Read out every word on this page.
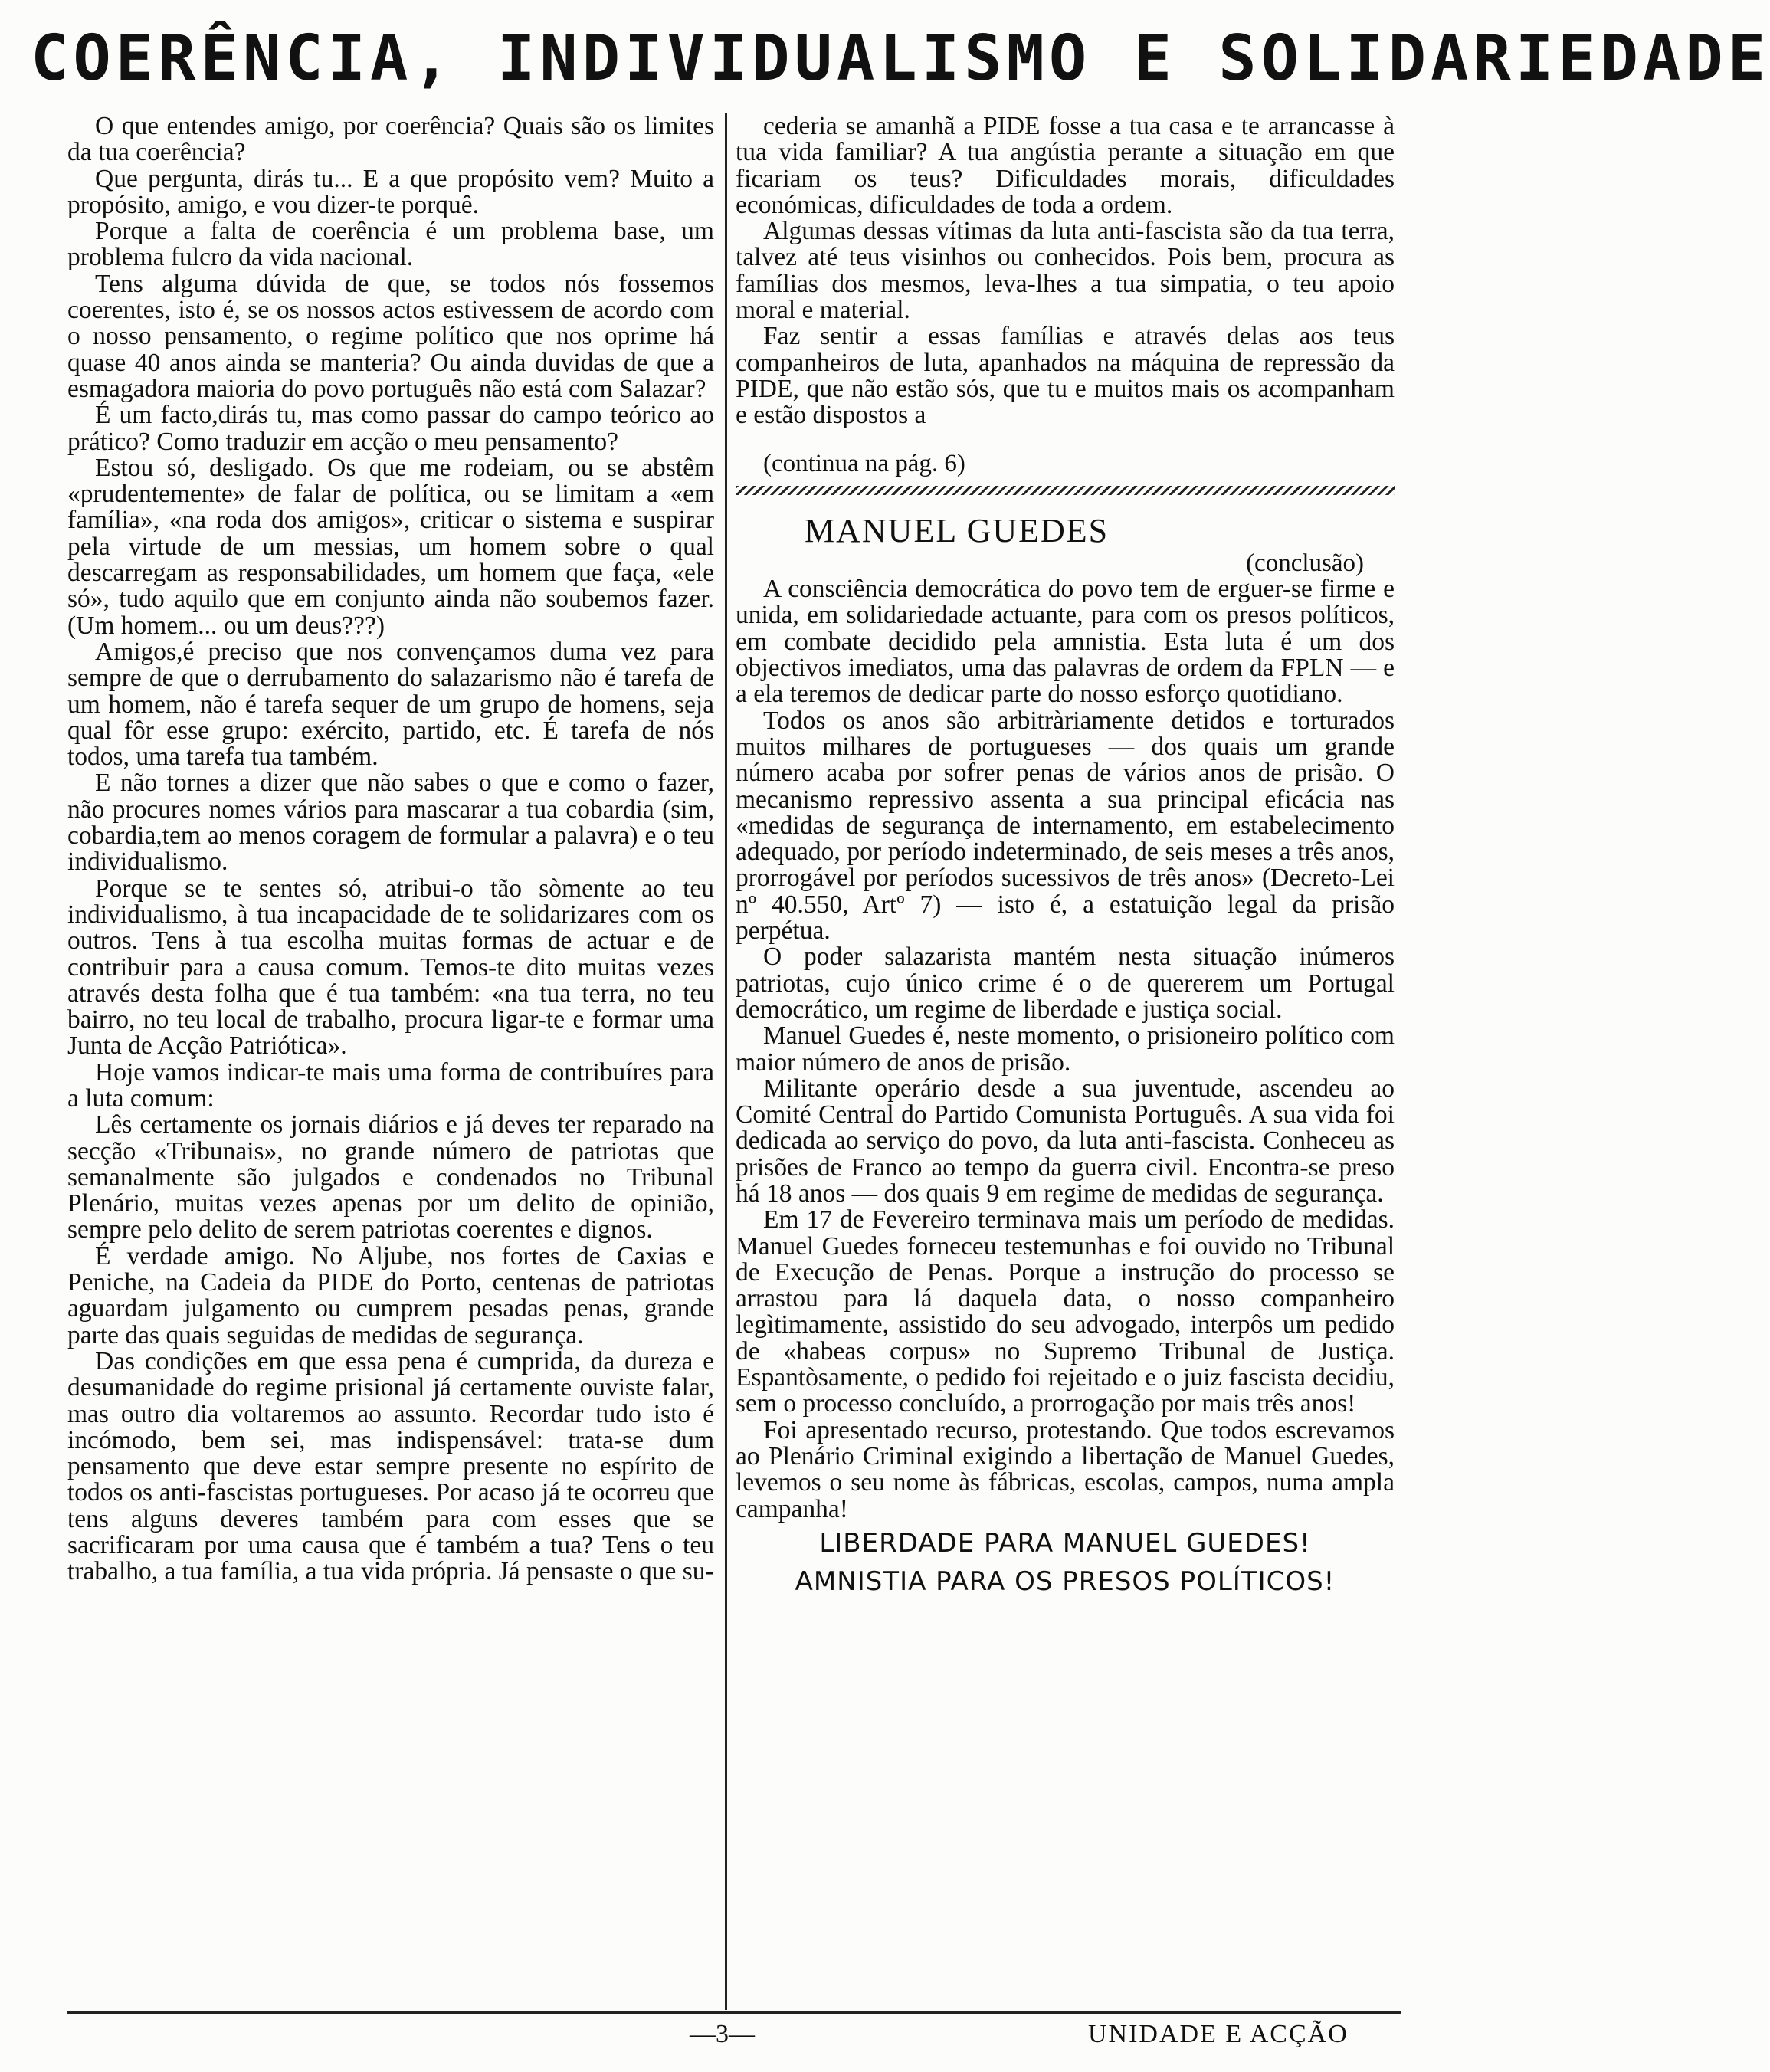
COERÊNCIA, INDIVIDUALISMO E SOLIDARIEDADE

O que entendes amigo, por coerência? Quais são os limites da tua coerência?

Que pergunta, dirás tu... E a que propósito vem? Muito a propósito, amigo, e vou dizer-te porquê.

Porque a falta de coerência é um problema base, um problema fulcro da vida nacional.

Tens alguma dúvida de que, se todos nós fossemos coerentes, isto é, se os nossos actos estivessem de acordo com o nosso pensamento, o regime político que nos oprime há quase 40 anos ainda se manteria? Ou ainda duvidas de que a esmagadora maioria do povo português não está com Salazar?

É um facto,dirás tu, mas como passar do campo teórico ao prático? Como traduzir em acção o meu pensamento?

Estou só, desligado. Os que me rodeiam, ou se abstêm «prudentemente» de falar de política, ou se limitam a «em família», «na roda dos amigos», criticar o sistema e suspirar pela virtude de um messias, um homem sobre o qual descarregam as responsabilidades, um homem que faça, «ele só», tudo aquilo que em conjunto ainda não soubemos fazer. (Um homem... ou um deus???)

Amigos,é preciso que nos convençamos duma vez para sempre de que o derrubamento do salazarismo não é tarefa de um homem, não é tarefa sequer de um grupo de homens, seja qual fôr esse grupo: exército, partido, etc. É tarefa de nós todos, uma tarefa tua também.

E não tornes a dizer que não sabes o que e como o fazer, não procures nomes vários para mascarar a tua cobardia (sim, cobardia,tem ao menos coragem de formular a palavra) e o teu individualismo.

Porque se te sentes só, atribui-o tão sòmente ao teu individualismo, à tua incapacidade de te solidarizares com os outros. Tens à tua escolha muitas formas de actuar e de contribuir para a causa comum. Temos-te dito muitas vezes através desta folha que é tua também: «na tua terra, no teu bairro, no teu local de trabalho, procura ligar-te e formar uma Junta de Acção Patriótica».

Hoje vamos indicar-te mais uma forma de contribuíres para a luta comum:

Lês certamente os jornais diários e já deves ter reparado na secção «Tribunais», no grande número de patriotas que semanalmente são julgados e condenados no Tribunal Plenário, muitas vezes apenas por um delito de opinião, sempre pelo delito de serem patriotas coerentes e dignos.

É verdade amigo. No Aljube, nos fortes de Caxias e Peniche, na Cadeia da PIDE do Porto, centenas de patriotas aguardam julgamento ou cumprem pesadas penas, grande parte das quais seguidas de medidas de segurança.

Das condições em que essa pena é cumprida, da dureza e desumanidade do regime prisional já certamente ouviste falar, mas outro dia voltaremos ao assunto. Recordar tudo isto é incómodo, bem sei, mas indispensável: trata-se dum pensamento que deve estar sempre presente no espírito de todos os anti-fascistas portugueses. Por acaso já te ocorreu que tens alguns deveres também para com esses que se sacrificaram por uma causa que é também a tua? Tens o teu trabalho, a tua família, a tua vida própria. Já pensaste o que su-

cederia se amanhã a PIDE fosse a tua casa e te arrancasse à tua vida familiar? A tua angústia perante a situação em que ficariam os teus? Dificuldades morais, dificuldades económicas, dificuldades de toda a ordem.

Algumas dessas vítimas da luta anti-fascista são da tua terra, talvez até teus visinhos ou conhecidos. Pois bem, procura as famílias dos mesmos, leva-lhes a tua simpatia, o teu apoio moral e material.

Faz sentir a essas famílias e através delas aos teus companheiros de luta, apanhados na máquina de repressão da PIDE, que não estão sós, que tu e muitos mais os acompanham e estão dispostos a

(continua na pág. 6)
MANUEL GUEDES
(conclusão)

A consciência democrática do povo tem de erguer-se firme e unida, em solidariedade actuante, para com os presos políticos, em combate decidido pela amnistia. Esta luta é um dos objectivos imediatos, uma das palavras de ordem da FPLN — e a ela teremos de dedicar parte do nosso esforço quotidiano.

Todos os anos são arbitràriamente detidos e torturados muitos milhares de portugueses — dos quais um grande número acaba por sofrer penas de vários anos de prisão. O mecanismo repressivo assenta a sua principal eficácia nas «medidas de segurança de internamento, em estabelecimento adequado, por período indeterminado, de seis meses a três anos, prorrogável por períodos sucessivos de três anos» (Decreto-Lei nº 40.550, Artº 7) — isto é, a estatuição legal da prisão perpétua.

O poder salazarista mantém nesta situação inúmeros patriotas, cujo único crime é o de quererem um Portugal democrático, um regime de liberdade e justiça social.

Manuel Guedes é, neste momento, o prisioneiro político com maior número de anos de prisão.

Militante operário desde a sua juventude, ascendeu ao Comité Central do Partido Comunista Português. A sua vida foi dedicada ao serviço do povo, da luta anti-fascista. Conheceu as prisões de Franco ao tempo da guerra civil. Encontra-se preso há 18 anos — dos quais 9 em regime de medidas de segurança.

Em 17 de Fevereiro terminava mais um período de medidas. Manuel Guedes forneceu testemunhas e foi ouvido no Tribunal de Execução de Penas. Porque a instrução do processo se arrastou para lá daquela data, o nosso companheiro legìtimamente, assistido do seu advogado, interpôs um pedido de «habeas corpus» no Supremo Tribunal de Justiça. Espantòsamente, o pedido foi rejeitado e o juiz fascista decidiu, sem o processo concluído, a prorrogação por mais três anos!

Foi apresentado recurso, protestando. Que todos escrevamos ao Plenário Criminal exigindo a libertação de Manuel Guedes, levemos o seu nome às fábricas, escolas, campos, numa ampla campanha!

LIBERDADE PARA MANUEL GUEDES!
AMNISTIA PARA OS PRESOS POLÍTICOS!
—3—	UNIDADE E ACÇÃO
